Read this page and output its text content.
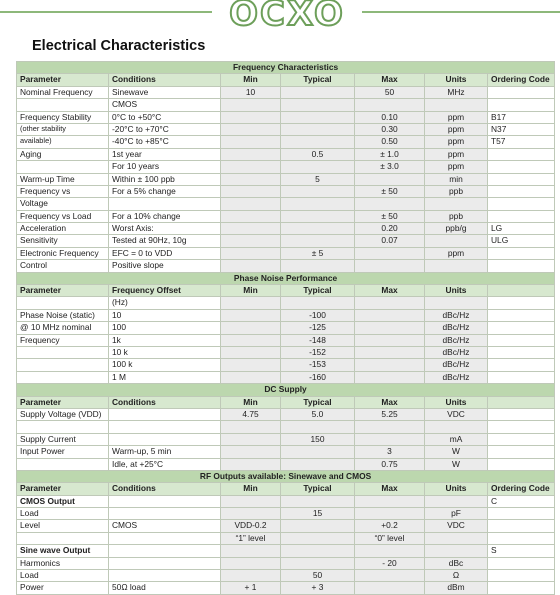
OCXO
Electrical Characteristics
Frequency Characteristics						
Parameter	Conditions	Min	Typical	Max	Units	Ordering Code
Nominal Frequency	Sinewave	10		50	MHz	
	CMOS					
Frequency Stability	0°C to +50°C			0.10	ppm	B17
(other stability	-20°C to +70°C			0.30	ppm	N37
available)	-40°C to +85°C			0.50	ppm	T57
Aging	1st year		0.5	± 1.0	ppm	
	For 10 years			± 3.0	ppm	
Warm-up Time	Within ± 100 ppb		5		min	
Frequency vs	For a 5% change			± 50	ppb	
Voltage						
Frequency vs Load	For a 10% change			± 50	ppb	
Acceleration	Worst Axis:			0.20	ppb/g	LG
Sensitivity	Tested at 90Hz, 10g			0.07		ULG
Electronic Frequency	EFC = 0 to VDD		± 5		ppm	
Control	Positive slope					
Phase Noise Performance						
Parameter	Frequency Offset	Min	Typical	Max	Units	
	(Hz)					
Phase Noise (static)	10		-100		dBc/Hz	
@ 10 MHz nominal	100		-125		dBc/Hz	
Frequency	1k		-148		dBc/Hz	
	10 k		-152		dBc/Hz	
	100 k		-153		dBc/Hz	
	1 M		-160		dBc/Hz	
DC Supply						
Parameter	Conditions	Min	Typical	Max	Units	
Supply Voltage (VDD)		4.75	5.0	5.25	VDC	

Supply Current			150		mA	
Input Power	Warm-up, 5 min			3	W	
	Idle, at +25°C			0.75	W	
RF Outputs available: Sinewave and CMOS						
Parameter	Conditions	Min	Typical	Max	Units	Ordering Code
CMOS Output						C
Load			15		pF	
Level	CMOS	VDD-0.2		+0.2	VDC	
		“1” level		“0” level		
Sine wave Output						S
Harmonics				- 20	dBc	
Load			50		Ω	
Power	50Ω load	+ 1	+ 3		dBm	
